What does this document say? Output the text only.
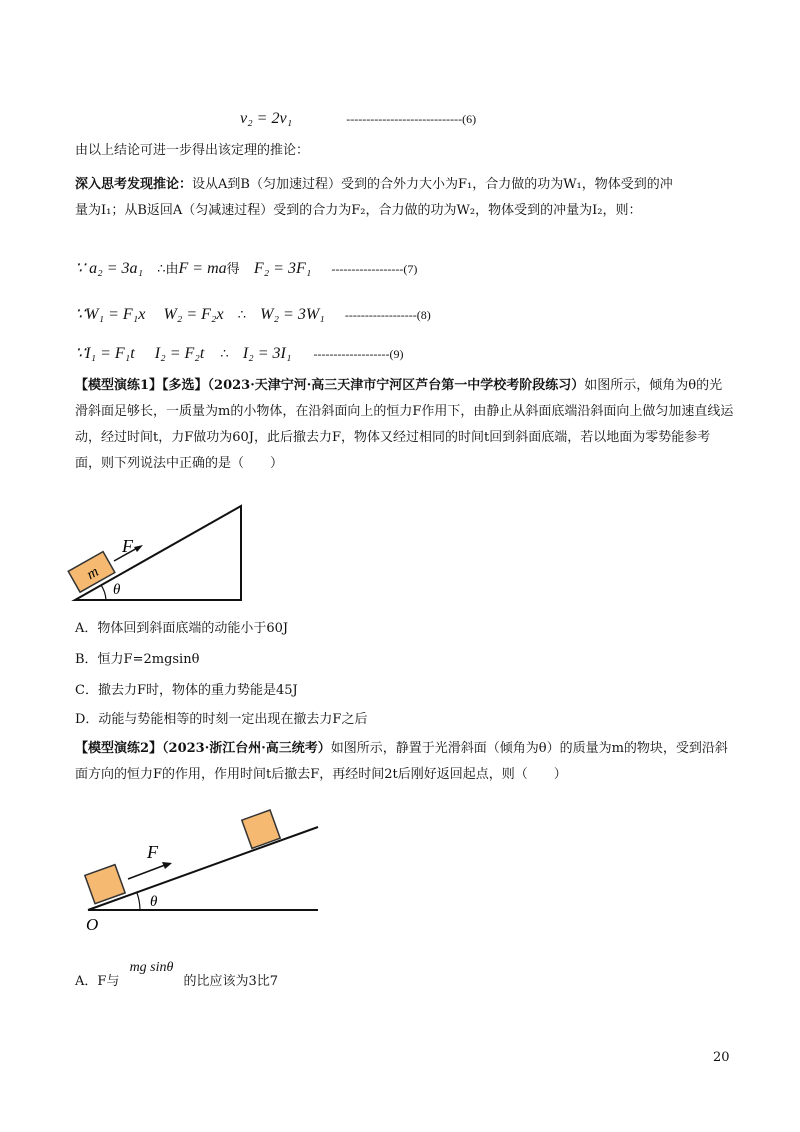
v₂ = 2v₁	-----------------------------(6)
由以上结论可进一步得出该定理的推论：
深入思考发现推论：设从A到B（匀加速过程）受到的合外力大小为F₁，合力做的功为W₁，物体受到的冲
量为I₁；从B返回A（匀减速过程）受到的合力为F₂，合力做的功为W₂，物体受到的冲量为I₂，则：
∵ a₂ = 3a₁ ∴由F = ma得 F₂ = 3F₁ ------------------(7)
∵W₁ = F₁x W₂ = F₂x ∴ W₂ = 3W₁ ------------------(8)
∵I₁ = F₁t I₂ = F₂t ∴ I₂ = 3I₁ -------------------(9)
【模型演练1】【多选】（2023·天津宁河·高三天津市宁河区芦台第一中学校考阶段练习）如图所示，倾角为θ的光滑斜面足够长，一质量为m的小物体，在沿斜面向上的恒力F作用下，由静止从斜面底端沿斜面向上做匀加速直线运动，经过时间t，力F做功为60J，此后撤去力F，物体又经过相同的时间t回到斜面底端，若以地面为零势能参考面，则下列说法中正确的是（　　）
m
F
θ
A．物体回到斜面底端的动能小于60J
B．恒力F=2mgsinθ
C．撤去力F时，物体的重力势能是45J
D．动能与势能相等的时刻一定出现在撤去力F之后
【模型演练2】（2023·浙江台州·高三统考）如图所示，静置于光滑斜面（倾角为θ）的质量为m的物块，受到沿斜面方向的恒力F的作用，作用时间t后撤去F，再经时间2t后刚好返回起点，则（　　）
F
θ
O
A．F与 mg sinθ 的比应该为3比7
20
